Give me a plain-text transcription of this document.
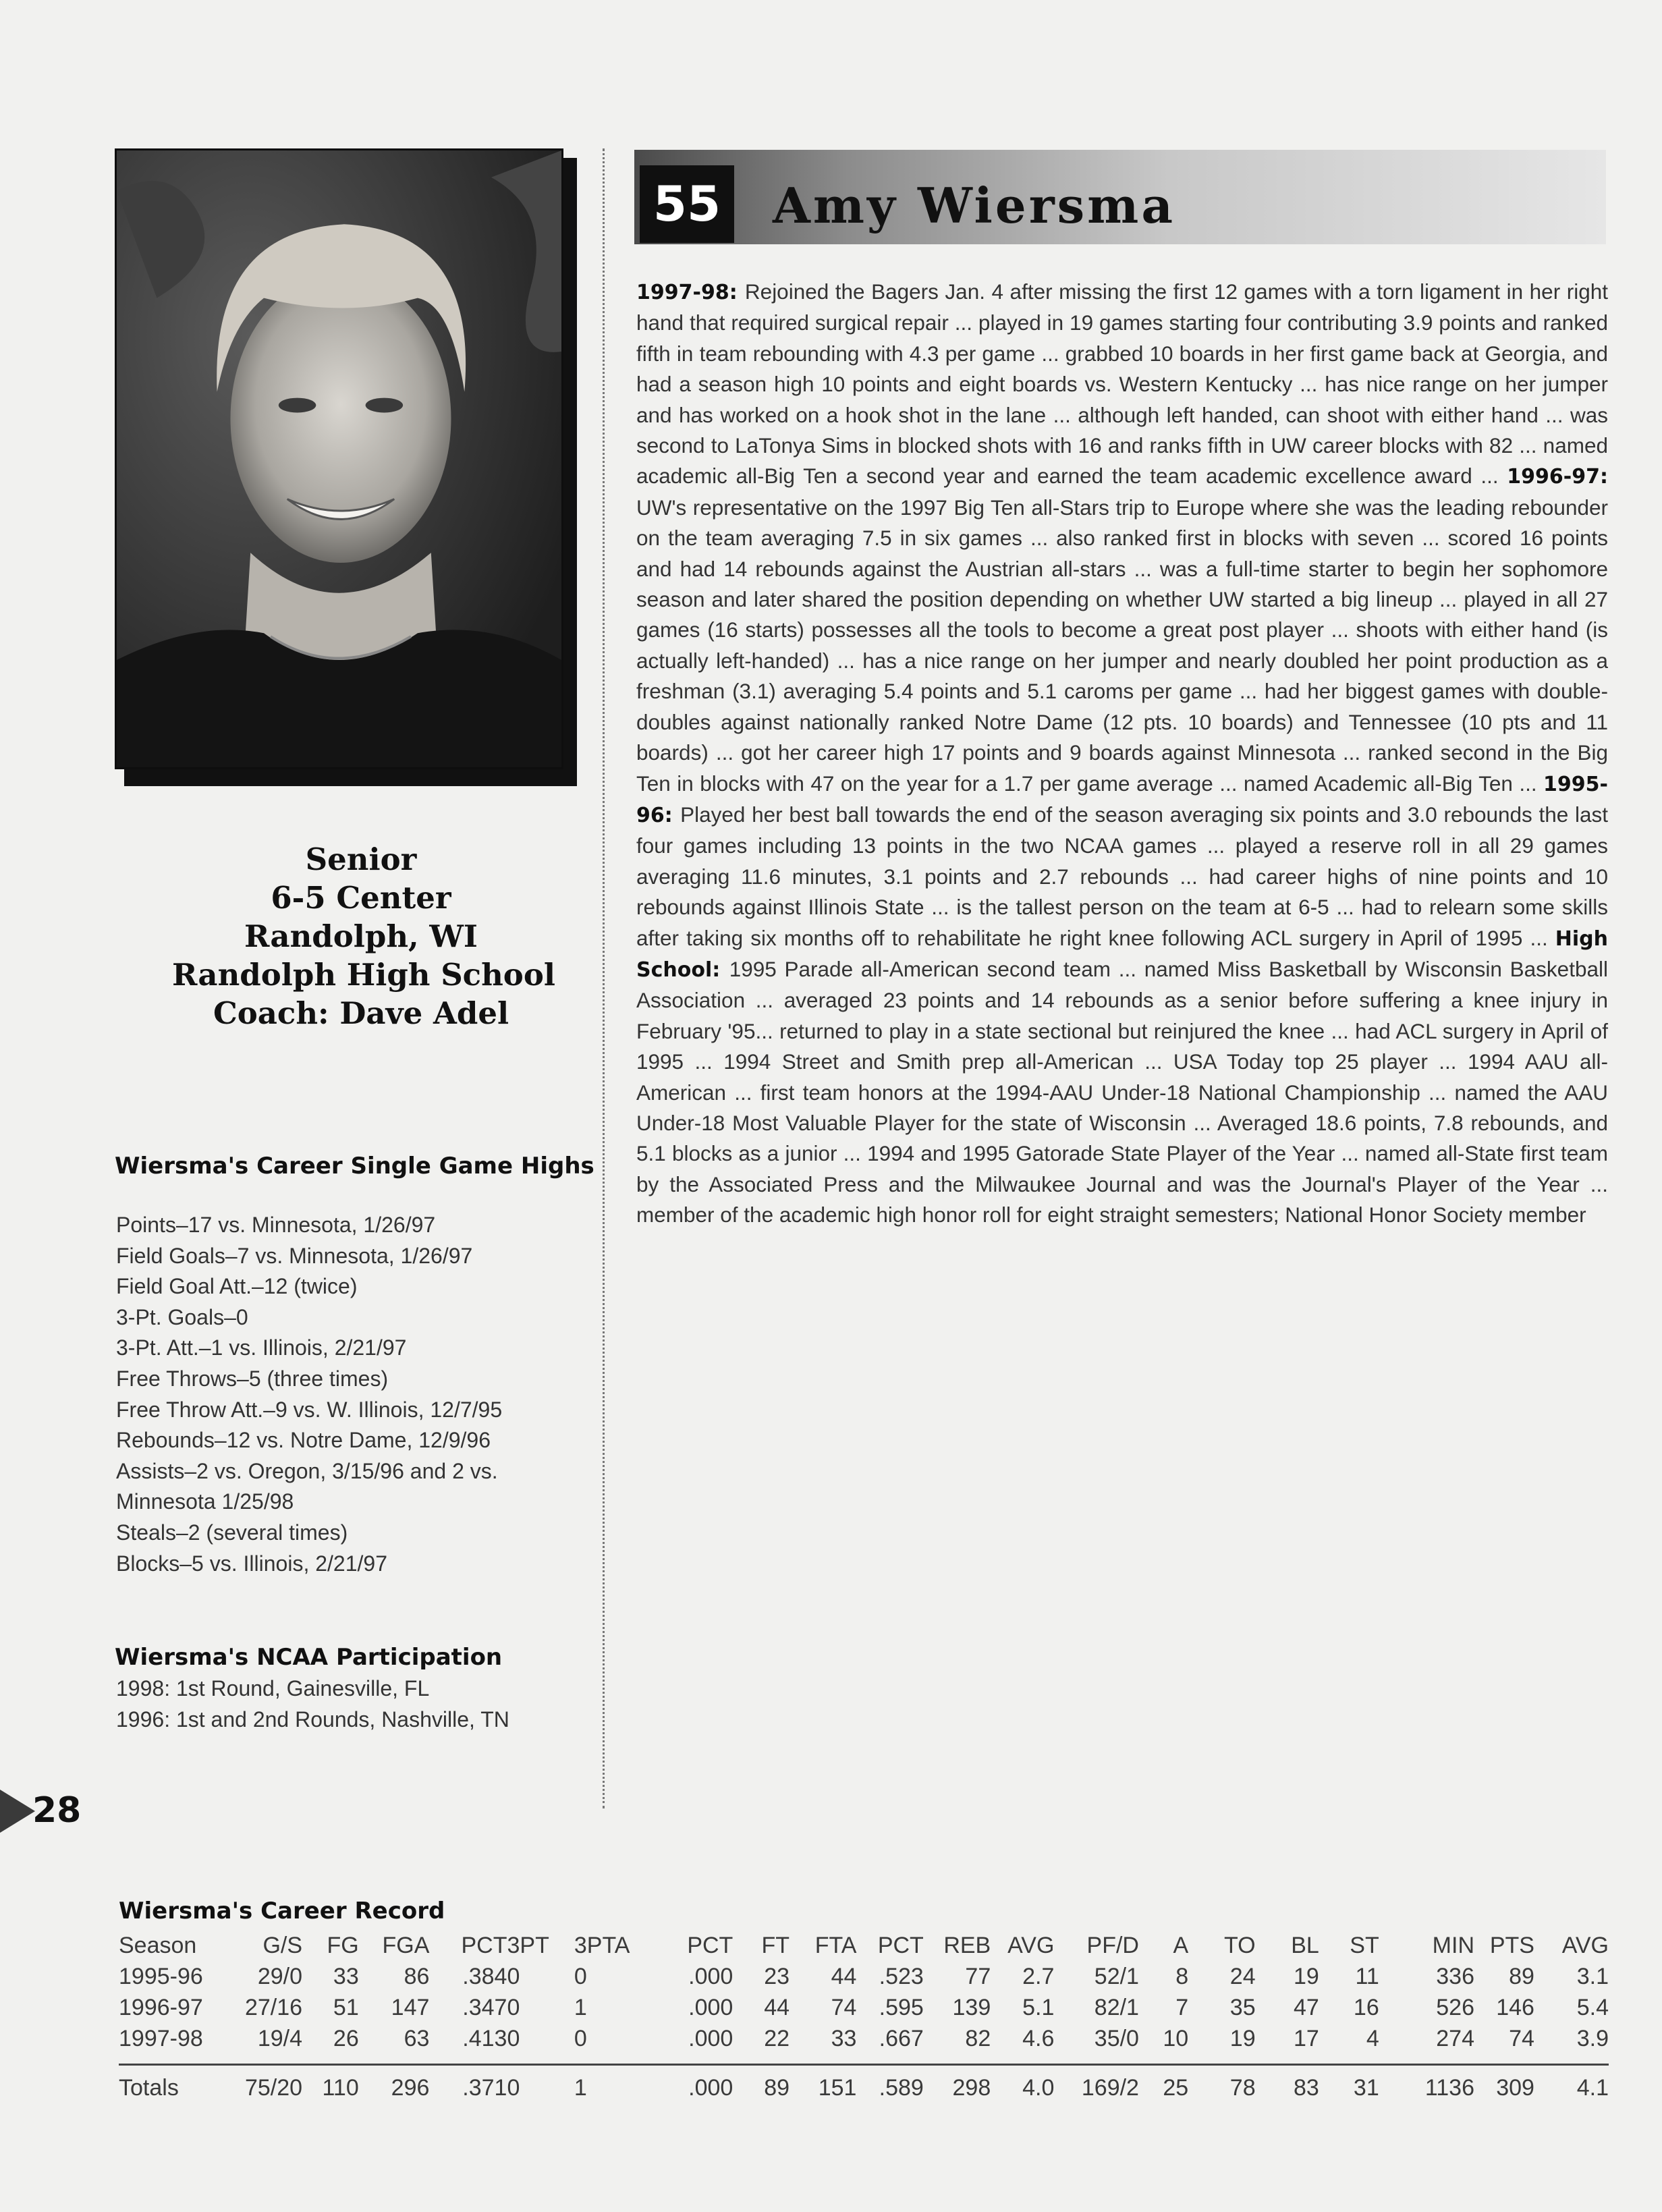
Senior
6-5 Center
Randolph, WI
Randolph High School
Coach: Dave Adel
55 Amy Wiersma
1997-98: Rejoined the Bagers Jan. 4 after missing the first 12 games with a torn ligament in her right hand that required surgical repair ... played in 19 games starting four contributing 3.9 points and ranked fifth in team rebounding with 4.3 per game ... grabbed 10 boards in her first game back at Georgia, and had a season high 10 points and eight boards vs. Western Kentucky ... has nice range on her jumper and has worked on a hook shot in the lane ... although left handed, can shoot with either hand ... was second to LaTonya Sims in blocked shots with 16 and ranks fifth in UW career blocks with 82 ... named academic all-Big Ten a second year and earned the team academic excellence award ... 1996-97: UW's representative on the 1997 Big Ten all-Stars trip to Europe where she was the leading rebounder on the team averaging 7.5 in six games ... also ranked first in blocks with seven ... scored 16 points and had 14 rebounds against the Austrian all-stars ... was a full-time starter to begin her sophomore season and later shared the position depending on whether UW started a big lineup ... played in all 27 games (16 starts) possesses all the tools to become a great post player ... shoots with either hand (is actually left-handed) ... has a nice range on her jumper and nearly doubled her point production as a freshman (3.1) averaging 5.4 points and 5.1 caroms per game ... had her biggest games with double-doubles against nationally ranked Notre Dame (12 pts. 10 boards) and Tennessee (10 pts and 11 boards) ... got her career high 17 points and 9 boards against Minnesota ... ranked second in the Big Ten in blocks with 47 on the year for a 1.7 per game average ... named Academic all-Big Ten ... 1995-96: Played her best ball towards the end of the season averaging six points and 3.0 rebounds the last four games including 13 points in the two NCAA games ... played a reserve roll in all 29 games averaging 11.6 minutes, 3.1 points and 2.7 rebounds ... had career highs of nine points and 10 rebounds against Illinois State ... is the tallest person on the team at 6-5 ... had to relearn some skills after taking six months off to rehabilitate he right knee following ACL surgery in April of 1995 ... High School: 1995 Parade all-American second team ... named Miss Basketball by Wisconsin Basketball Association ... averaged 23 points and 14 rebounds as a senior before suffering a knee injury in February '95... returned to play in a state sectional but reinjured the knee ... had ACL surgery in April of 1995 ... 1994 Street and Smith prep all-American ... USA Today top 25 player ... 1994 AAU all-American ... first team honors at the 1994-AAU Under-18 National Championship ... named the AAU Under-18 Most Valuable Player for the state of Wisconsin ... Averaged 18.6 points, 7.8 rebounds, and 5.1 blocks as a junior ... 1994 and 1995 Gatorade State Player of the Year ... named all-State first team by the Associated Press and the Milwaukee Journal and was the Journal's Player of the Year ... member of the academic high honor roll for eight straight semesters; National Honor Society member
Wiersma's Career Single Game Highs
Points–17 vs. Minnesota, 1/26/97
Field Goals–7 vs. Minnesota, 1/26/97
Field Goal Att.–12 (twice)
3-Pt. Goals–0
3-Pt. Att.–1 vs. Illinois, 2/21/97
Free Throws–5 (three times)
Free Throw Att.–9 vs. W. Illinois, 12/7/95
Rebounds–12 vs. Notre Dame, 12/9/96
Assists–2 vs. Oregon, 3/15/96 and 2 vs. Minnesota 1/25/98
Steals–2 (several times)
Blocks–5 vs. Illinois, 2/21/97
Wiersma's NCAA Participation
1998: 1st Round, Gainesville, FL
1996: 1st and 2nd Rounds, Nashville, TN
28
Wiersma's Career Record
Season	G/S	FG	FGA	PCT	3PT	3PTA	PCT	FT	FTA	PCT	REB	AVG	PF/D	A	TO	BL	ST	MIN	PTS	AVG
1995-96	29/0	33	86	.384	0	0	.000	23	44	.523	77	2.7	52/1	8	24	19	11	336	89	3.1
1996-97	27/16	51	147	.347	0	1	.000	44	74	.595	139	5.1	82/1	7	35	47	16	526	146	5.4
1997-98	19/4	26	63	.413	0	0	.000	22	33	.667	82	4.6	35/0	10	19	17	4	274	74	3.9

Totals	75/20	110	296	.371	0	1	.000	89	151	.589	298	4.0	169/2	25	78	83	31	1136	309	4.1
